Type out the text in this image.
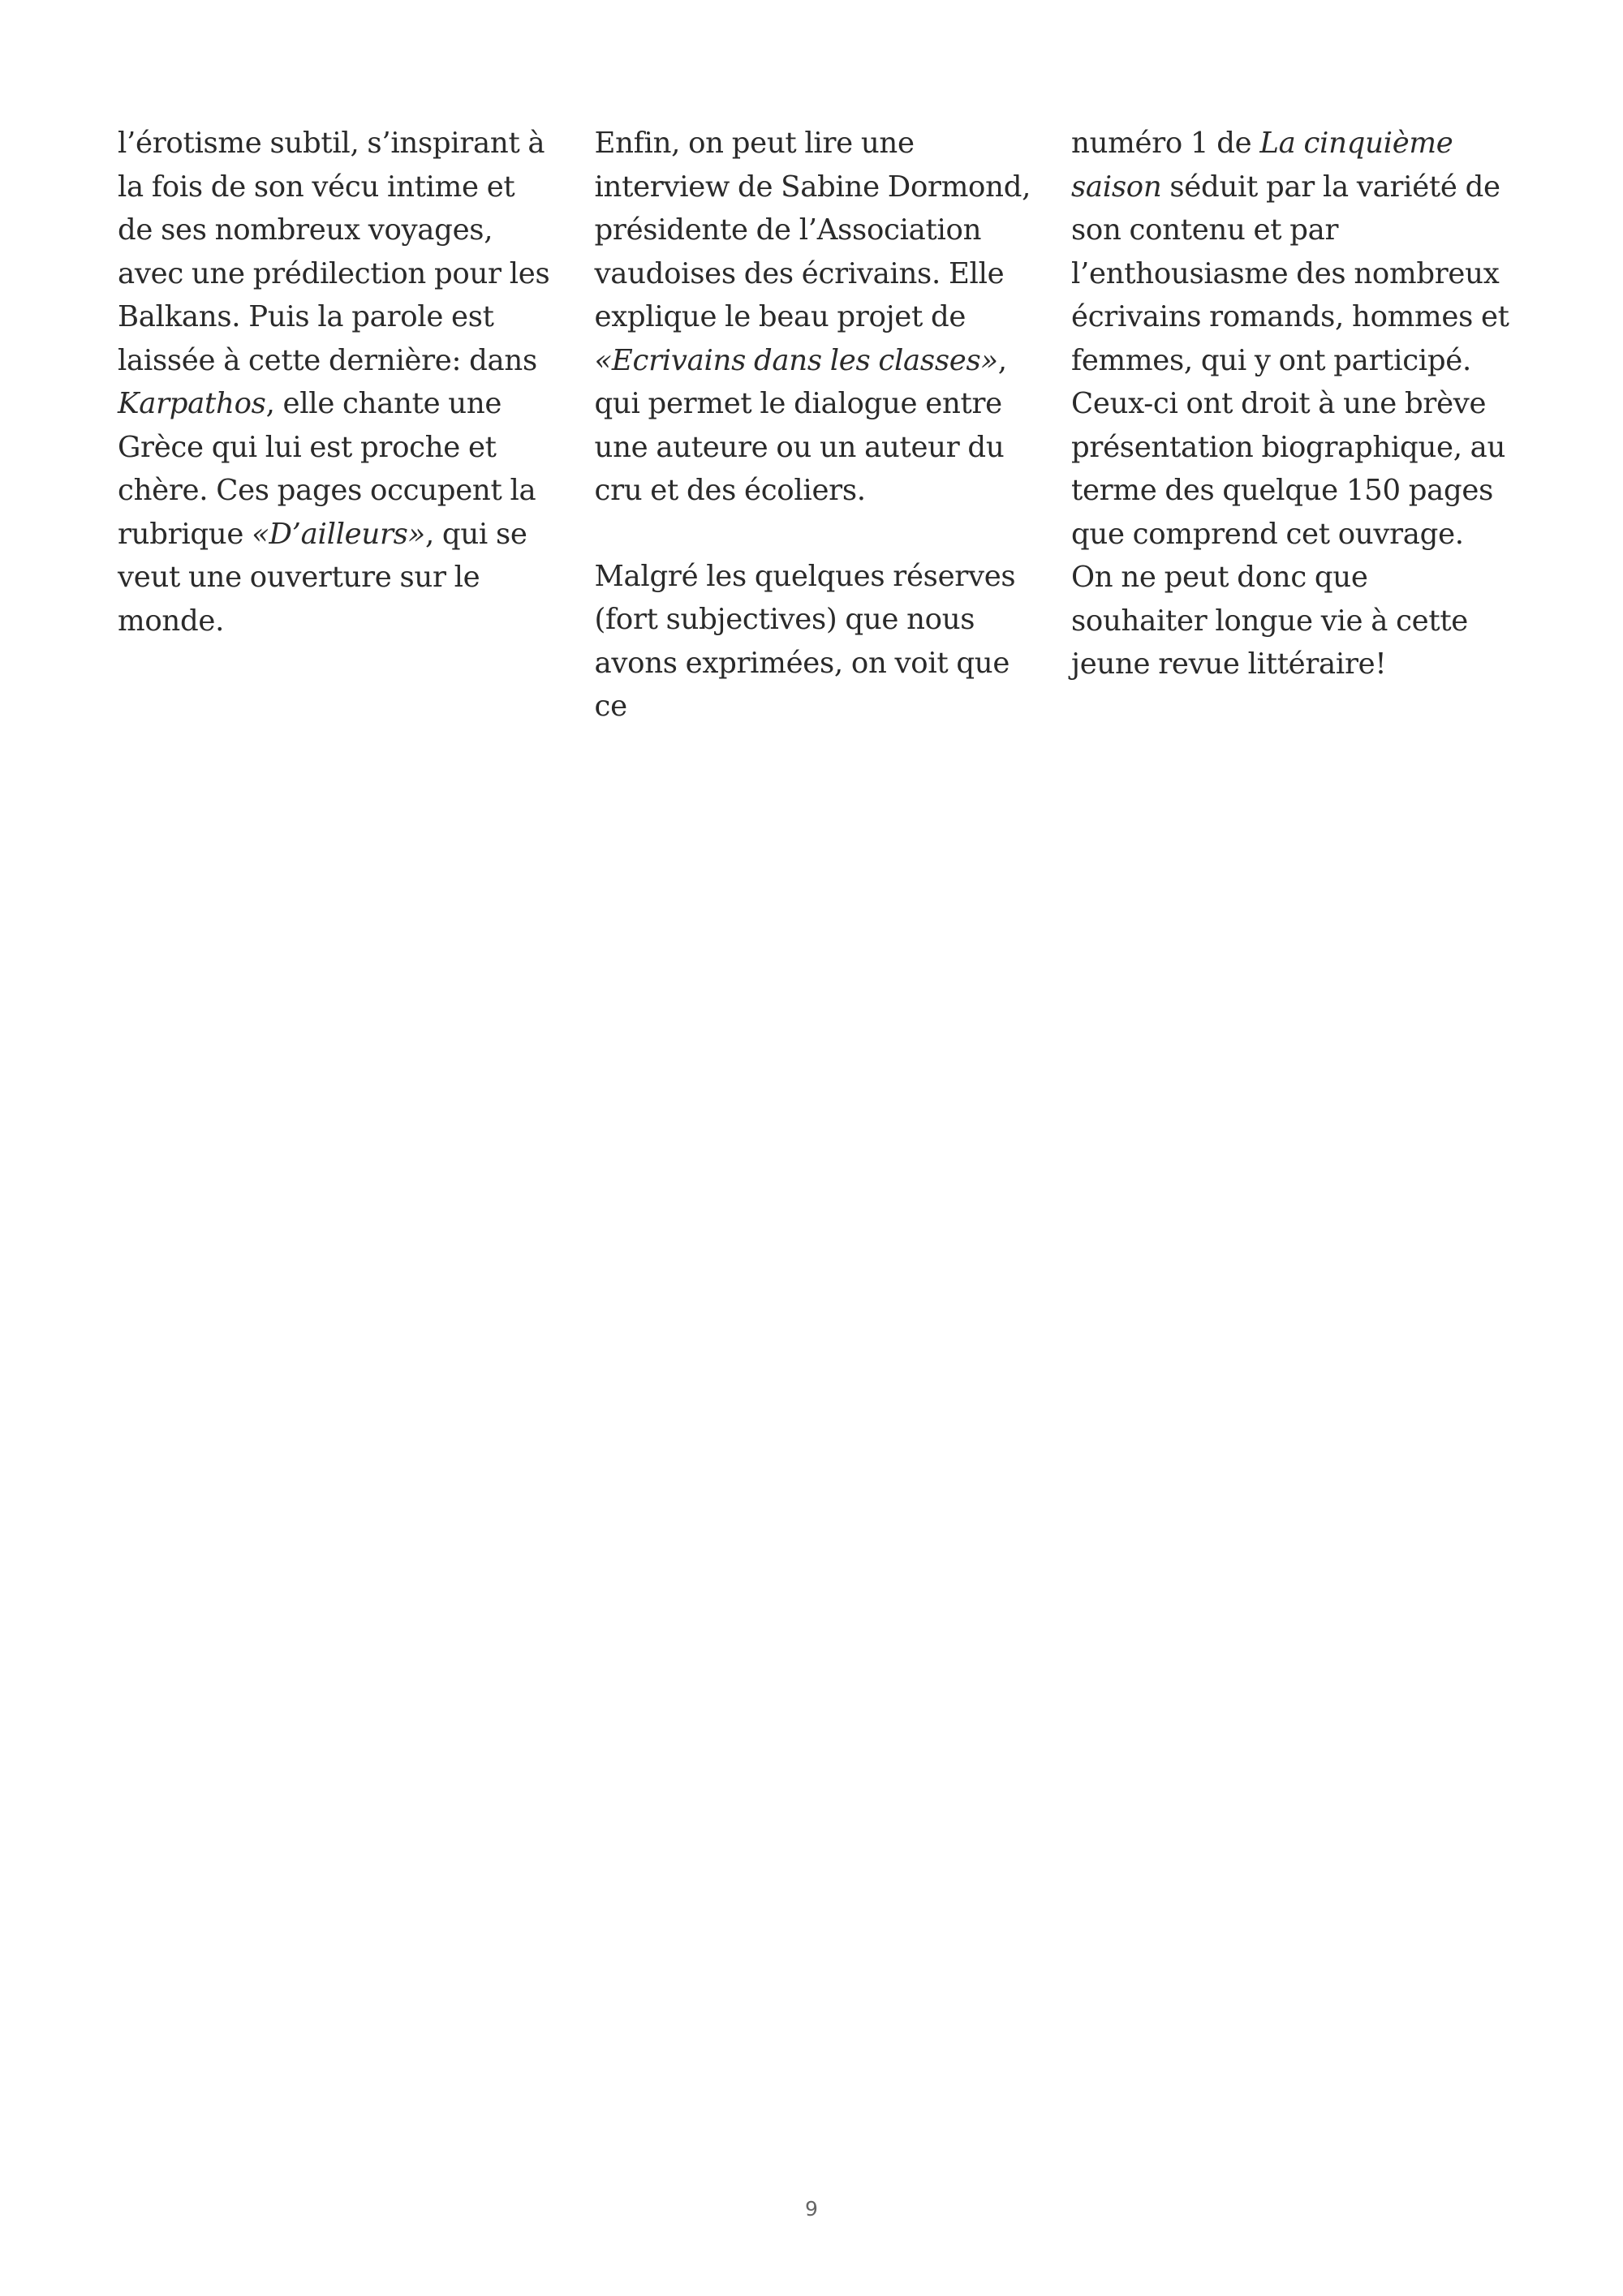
l’érotisme subtil, s’inspirant à la fois de son vécu intime et de ses nombreux voyages, avec une prédilection pour les Balkans. Puis la parole est laissée à cette dernière: dans Karpathos, elle chante une Grèce qui lui est proche et chère. Ces pages occupent la rubrique «D’ailleurs», qui se veut une ouverture sur le monde.

Enfin, on peut lire une interview de Sabine Dormond, présidente de l’Association vaudoises des écrivains. Elle explique le beau projet de «Ecrivains dans les classes», qui permet le dialogue entre une auteure ou un auteur du cru et des écoliers.

Malgré les quelques réserves (fort subjectives) que nous avons exprimées, on voit que ce

numéro 1 de La cinquième saison séduit par la variété de son contenu et par l’enthousiasme des nombreux écrivains romands, hommes et femmes, qui y ont participé. Ceux-ci ont droit à une brève présentation biographique, au terme des quelque 150 pages que comprend cet ouvrage. On ne peut donc que souhaiter longue vie à cette jeune revue littéraire!

9
